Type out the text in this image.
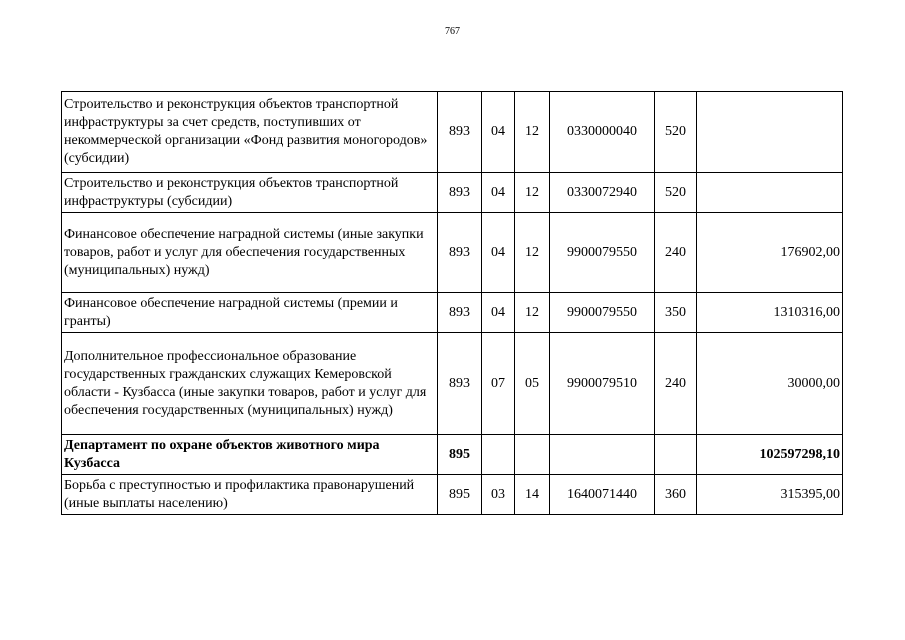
767
Строительство и реконструкция объектов транспортной инфраструктуры за счет средств, поступивших от некоммерческой организации «Фонд развития моногородов» (субсидии)	893	04	12	0330000040	520	
Строительство и реконструкция объектов транспортной инфраструктуры (субсидии)	893	04	12	0330072940	520	
Финансовое обеспечение наградной системы (иные закупки товаров, работ и услуг для обеспечения государственных (муниципальных) нужд)	893	04	12	9900079550	240	176902,00
Финансовое обеспечение наградной системы (премии и гранты)	893	04	12	9900079550	350	1310316,00
Дополнительное профессиональное образование государственных гражданских служащих Кемеровской области - Кузбасса (иные закупки товаров, работ и услуг для обеспечения государственных (муниципальных) нужд)	893	07	05	9900079510	240	30000,00
Департамент по охране объектов животного мира Кузбасса	895					102597298,10
Борьба с преступностью и профилактика правонарушений (иные выплаты населению)	895	03	14	1640071440	360	315395,00
